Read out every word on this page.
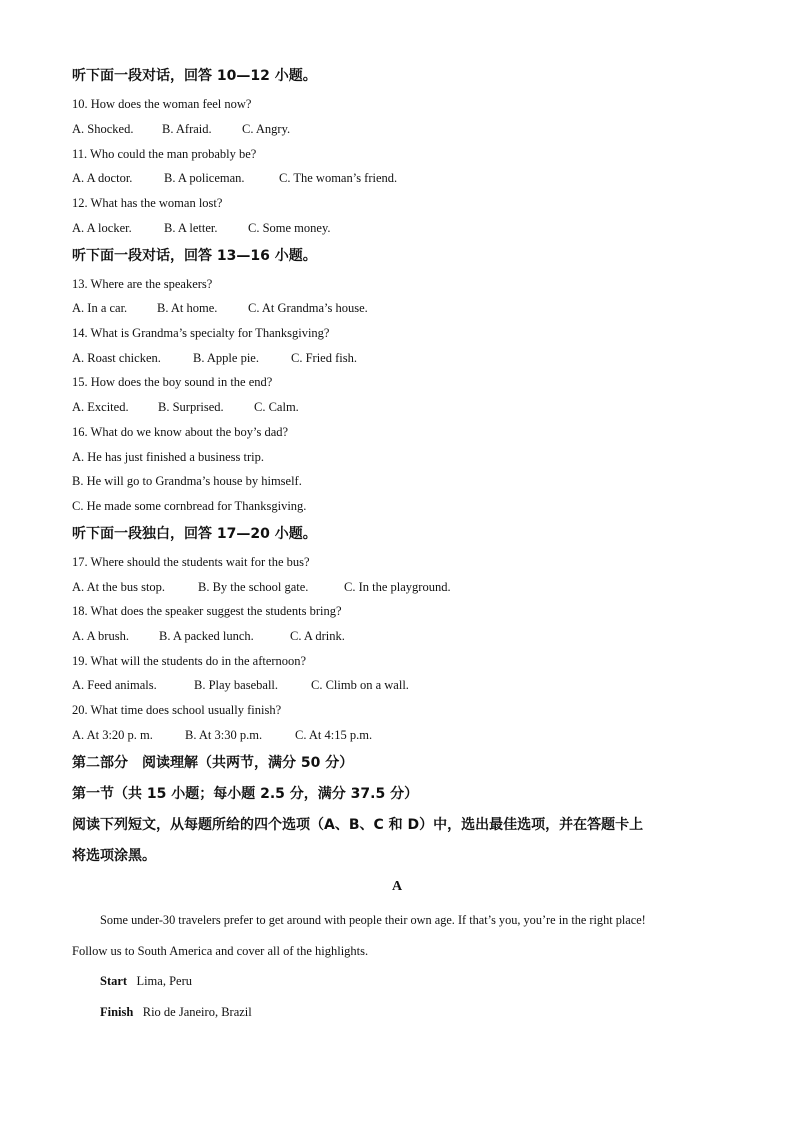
听下面一段对话，回答 10—12 小题。
10. How does the woman feel now?
A. Shocked. B. Afraid. C. Angry.
11. Who could the man probably be?
A. A doctor.	B. A policeman.	C. The woman’s friend.
12. What has the woman lost?
A. A locker.	B. A letter. C. Some money.
听下面一段对话，回答 13—16 小题。
13. Where are the speakers?
A. In a car. B. At home. C. At Grandma’s house.
14. What is Grandma’s specialty for Thanksgiving?
A. Roast chicken.	B. Apple pie.	C. Fried fish.
15. How does the boy sound in the end?
A. Excited. B. Surprised. C. Calm.
16. What do we know about the boy’s dad?
A. He has just finished a business trip.
B. He will go to Grandma’s house by himself.
C. He made some cornbread for Thanksgiving.
听下面一段独白，回答 17—20 小题。
17. Where should the students wait for the bus?
A. At the bus stop.	B. By the school gate.	C. In the playground.
18. What does the speaker suggest the students bring?
A. A brush. B. A packed lunch.	C. A drink.
19. What will the students do in the afternoon?
A. Feed animals.	B. Play baseball.	C. Climb on a wall.
20. What time does school usually finish?
A. At 3:20 p. m.	B. At 3:30 p.m.	C. At 4:15 p.m.
第二部分　阅读理解（共两节，满分 50 分）
第一节（共 15 小题；每小题 2.5 分，满分 37.5 分）
阅读下列短文，从每题所给的四个选项（A、B、C 和 D）中，选出最佳选项，并在答题卡上
将选项涂黑。
A
Some under-30 travelers prefer to get around with people their own age. If that’s you, you’re in the right place!
Follow us to South America and cover all of the highlights.
Start Lima, Peru
Finish Rio de Janeiro, Brazil
